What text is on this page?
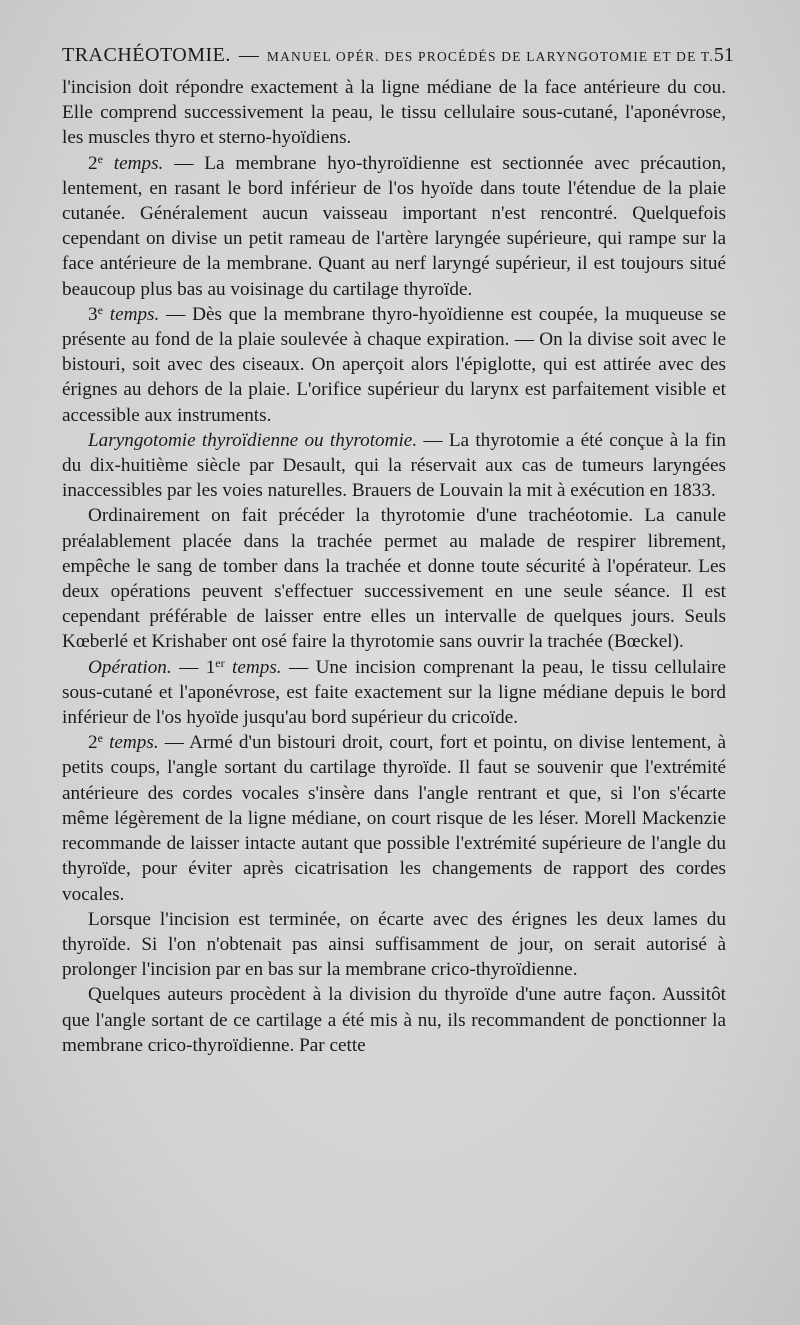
TRACHÉOTOMIE. — MANUEL OPÉR. DES PROCÉDÉS DE LARYNGOTOMIE ET DE T. 51

l'incision doit répondre exactement à la ligne médiane de la face antérieure du cou. Elle comprend successivement la peau, le tissu cellulaire sous-cutané, l'aponévrose, les muscles thyro et sterno-hyoïdiens.

2e temps. — La membrane hyo-thyroïdienne est sectionnée avec précaution, lentement, en rasant le bord inférieur de l'os hyoïde dans toute l'étendue de la plaie cutanée. Généralement aucun vaisseau important n'est rencontré. Quelquefois cependant on divise un petit rameau de l'artère laryngée supérieure, qui rampe sur la face antérieure de la membrane. Quant au nerf laryngé supérieur, il est toujours situé beaucoup plus bas au voisinage du cartilage thyroïde.

3e temps. — Dès que la membrane thyro-hyoïdienne est coupée, la muqueuse se présente au fond de la plaie soulevée à chaque expiration. — On la divise soit avec le bistouri, soit avec des ciseaux. On aperçoit alors l'épiglotte, qui est attirée avec des érignes au dehors de la plaie. L'orifice supérieur du larynx est parfaitement visible et accessible aux instruments.

Laryngotomie thyroïdienne ou thyrotomie. — La thyrotomie a été conçue à la fin du dix-huitième siècle par Desault, qui la réservait aux cas de tumeurs laryngées inaccessibles par les voies naturelles. Brauers de Louvain la mit à exécution en 1833.

Ordinairement on fait précéder la thyrotomie d'une trachéotomie. La canule préalablement placée dans la trachée permet au malade de respirer librement, empêche le sang de tomber dans la trachée et donne toute sécurité à l'opérateur. Les deux opérations peuvent s'effectuer successivement en une seule séance. Il est cependant préférable de laisser entre elles un intervalle de quelques jours. Seuls Kœberlé et Krishaber ont osé faire la thyrotomie sans ouvrir la trachée (Bœckel).

Opération. — 1er temps. — Une incision comprenant la peau, le tissu cellulaire sous-cutané et l'aponévrose, est faite exactement sur la ligne médiane depuis le bord inférieur de l'os hyoïde jusqu'au bord supérieur du cricoïde.

2e temps. — Armé d'un bistouri droit, court, fort et pointu, on divise lentement, à petits coups, l'angle sortant du cartilage thyroïde. Il faut se souvenir que l'extrémité antérieure des cordes vocales s'insère dans l'angle rentrant et que, si l'on s'écarte même légèrement de la ligne médiane, on court risque de les léser. Morell Mackenzie recommande de laisser intacte autant que possible l'extrémité supérieure de l'angle du thyroïde, pour éviter après cicatrisation les changements de rapport des cordes vocales.

Lorsque l'incision est terminée, on écarte avec des érignes les deux lames du thyroïde. Si l'on n'obtenait pas ainsi suffisamment de jour, on serait autorisé à prolonger l'incision par en bas sur la membrane crico-thyroïdienne.

Quelques auteurs procèdent à la division du thyroïde d'une autre façon. Aussitôt que l'angle sortant de ce cartilage a été mis à nu, ils recommandent de ponctionner la membrane crico-thyroïdienne. Par cette
